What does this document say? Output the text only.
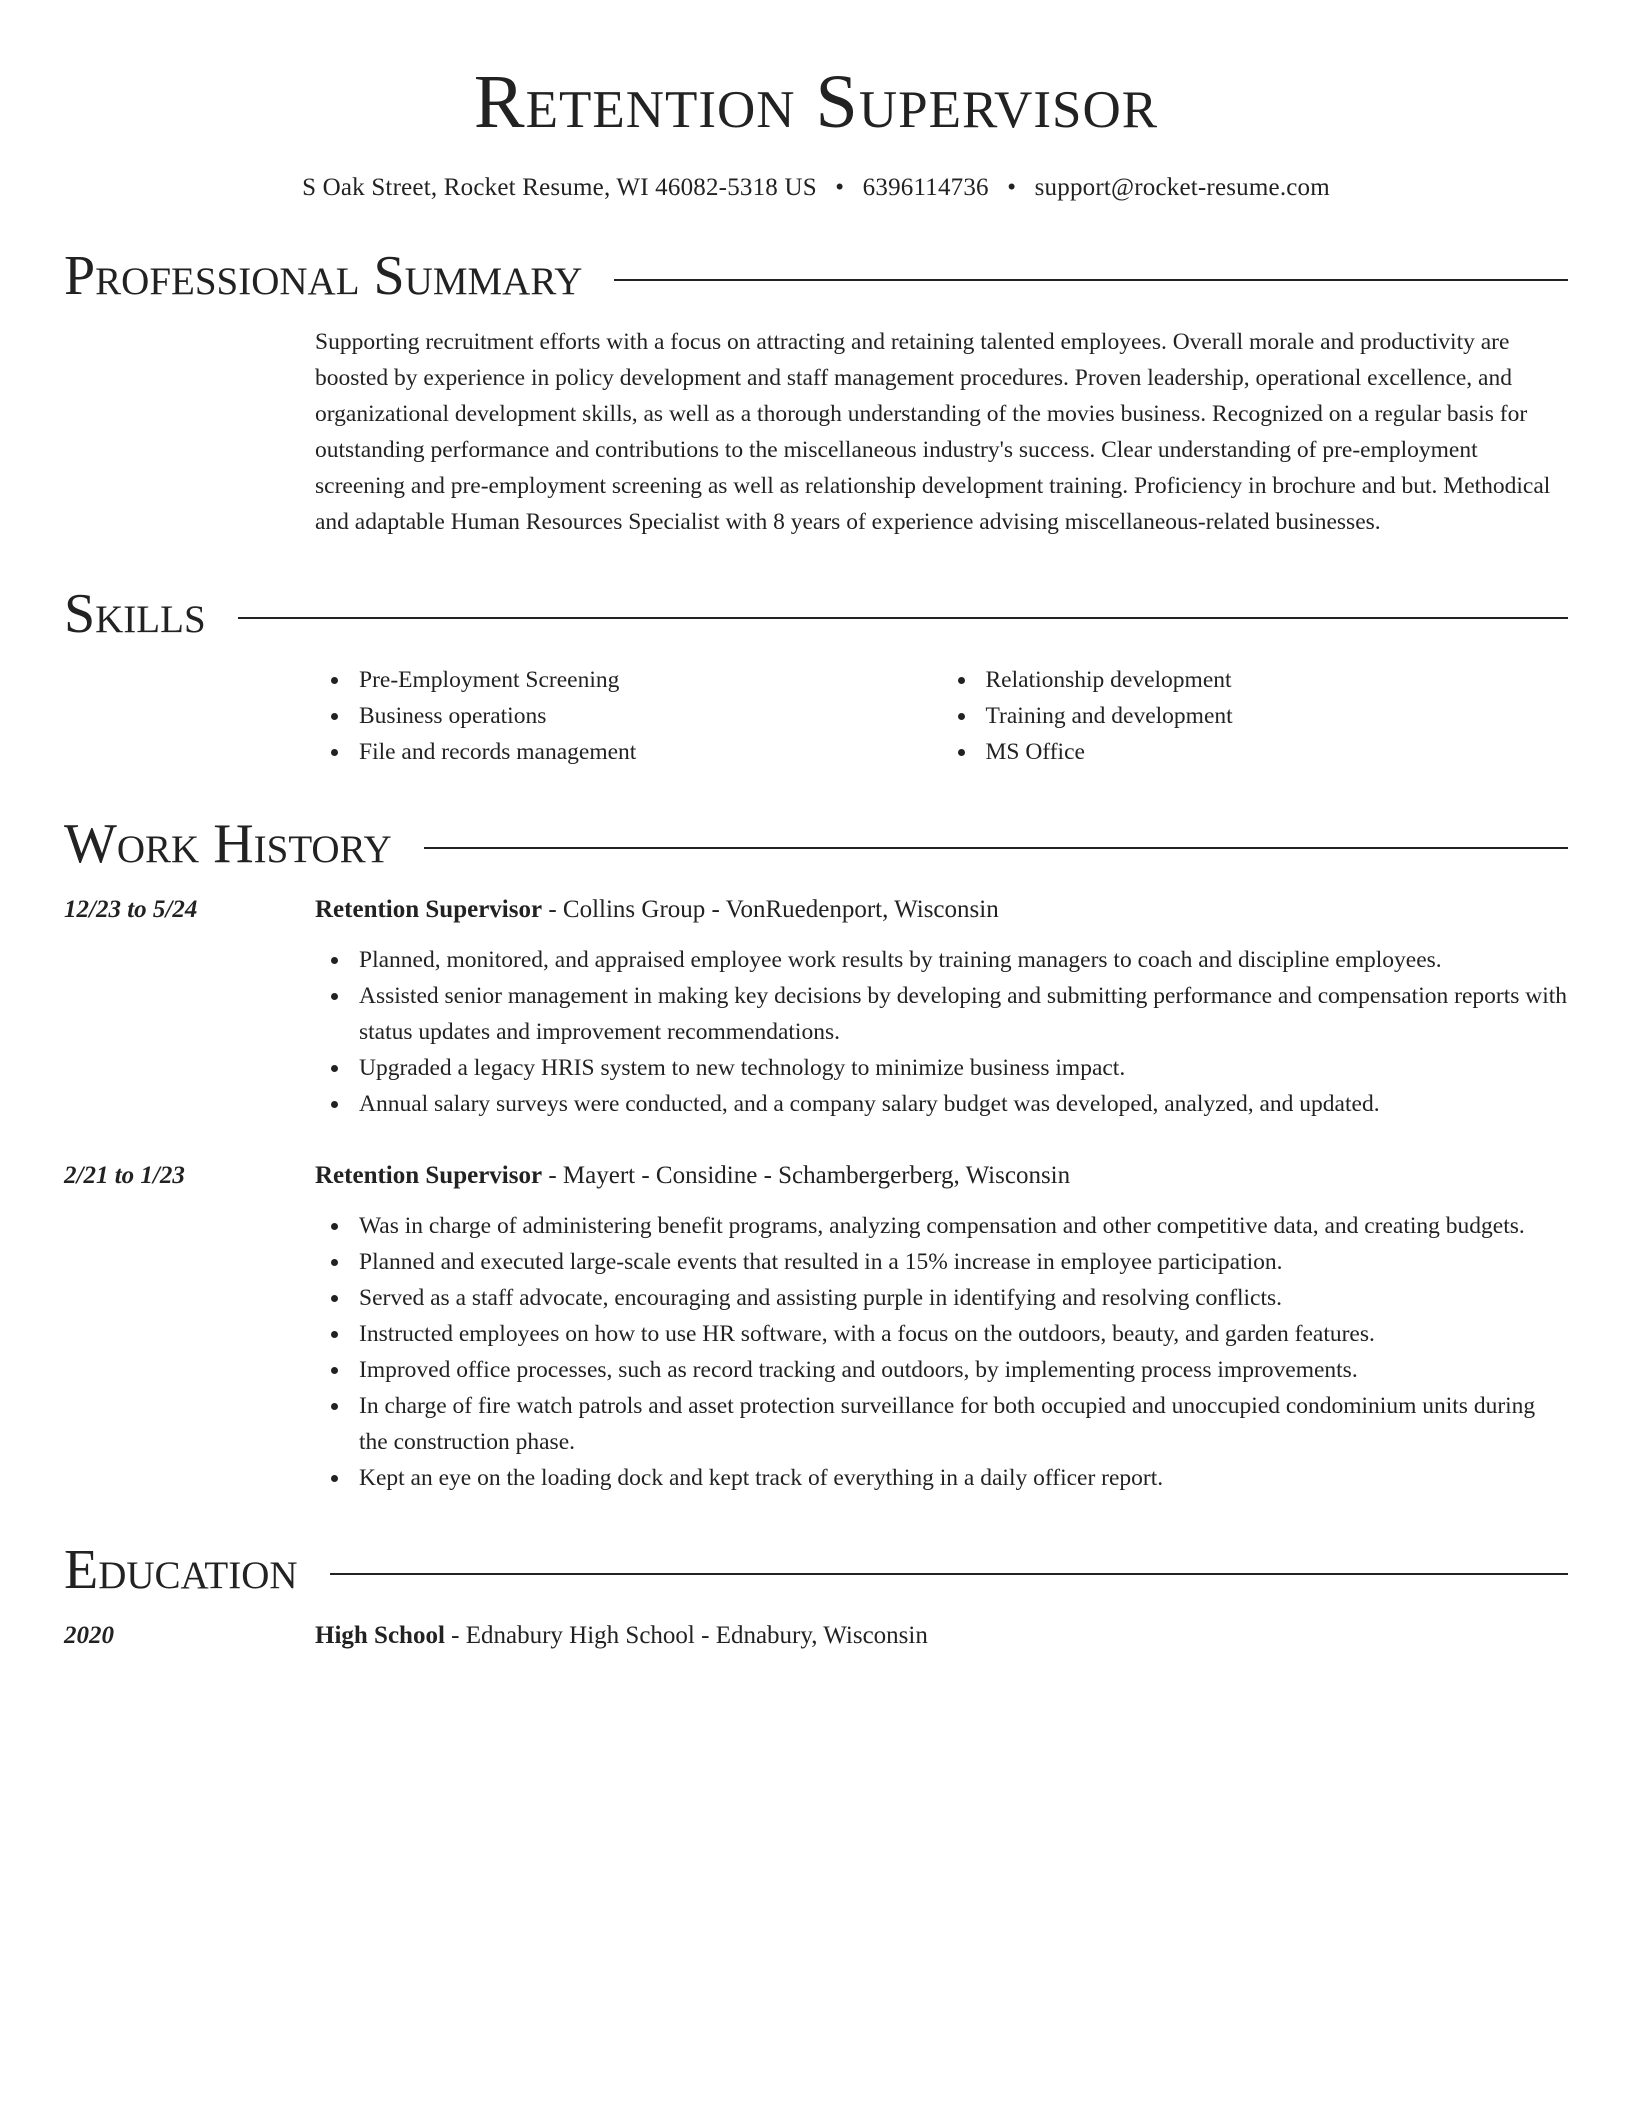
Retention Supervisor
S Oak Street, Rocket Resume, WI 46082-5318 US • 6396114736 • support@rocket-resume.com
Professional Summary
Supporting recruitment efforts with a focus on attracting and retaining talented employees. Overall morale and productivity are boosted by experience in policy development and staff management procedures. Proven leadership, operational excellence, and organizational development skills, as well as a thorough understanding of the movies business. Recognized on a regular basis for outstanding performance and contributions to the miscellaneous industry's success. Clear understanding of pre-employment screening and pre-employment screening as well as relationship development training. Proficiency in brochure and but. Methodical and adaptable Human Resources Specialist with 8 years of experience advising miscellaneous-related businesses.
Skills
Pre-Employment Screening
Business operations
File and records management
Relationship development
Training and development
MS Office
Work History
12/23 to 5/24	Retention Supervisor - Collins Group - VonRuedenport, Wisconsin
Planned, monitored, and appraised employee work results by training managers to coach and discipline employees.
Assisted senior management in making key decisions by developing and submitting performance and compensation reports with status updates and improvement recommendations.
Upgraded a legacy HRIS system to new technology to minimize business impact.
Annual salary surveys were conducted, and a company salary budget was developed, analyzed, and updated.
2/21 to 1/23	Retention Supervisor - Mayert - Considine - Schambergerberg, Wisconsin
Was in charge of administering benefit programs, analyzing compensation and other competitive data, and creating budgets.
Planned and executed large-scale events that resulted in a 15% increase in employee participation.
Served as a staff advocate, encouraging and assisting purple in identifying and resolving conflicts.
Instructed employees on how to use HR software, with a focus on the outdoors, beauty, and garden features.
Improved office processes, such as record tracking and outdoors, by implementing process improvements.
In charge of fire watch patrols and asset protection surveillance for both occupied and unoccupied condominium units during the construction phase.
Kept an eye on the loading dock and kept track of everything in a daily officer report.
Education
2020	High School - Ednabury High School - Ednabury, Wisconsin
